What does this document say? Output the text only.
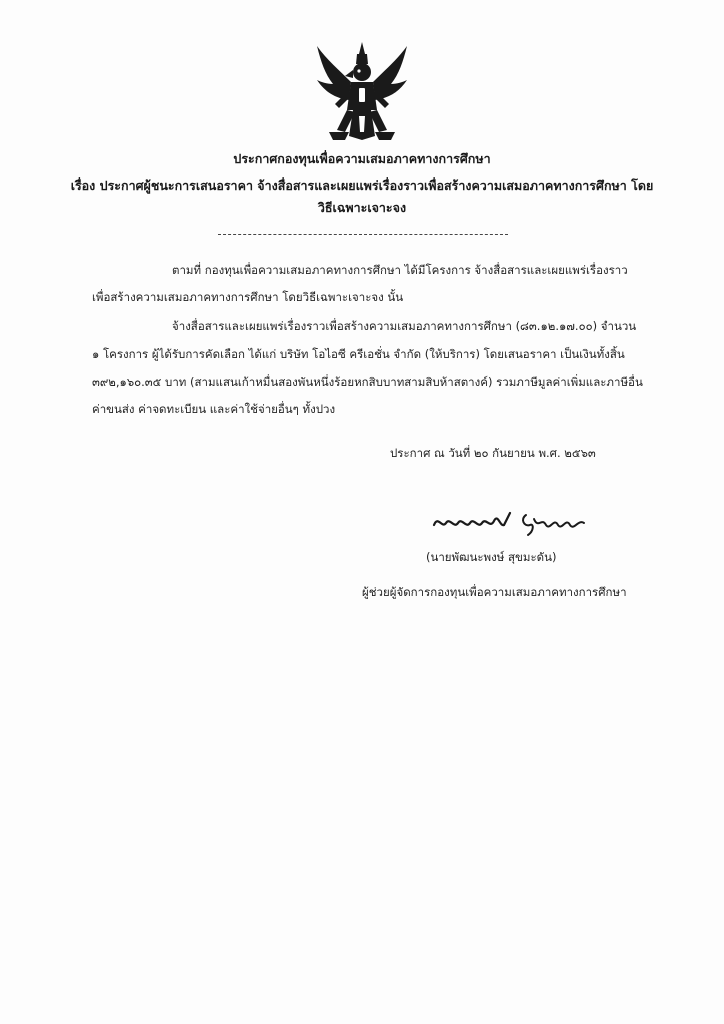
ประกาศกองทุนเพื่อความเสมอภาคทางการศึกษา
เรื่อง ประกาศผู้ชนะการเสนอราคา จ้างสื่อสารและเผยแพร่เรื่องราวเพื่อสร้างความเสมอภาคทางการศึกษา โดย
วิธีเฉพาะเจาะจง
ตามที่ กองทุนเพื่อความเสมอภาคทางการศึกษา ได้มีโครงการ จ้างสื่อสารและเผยแพร่เรื่องราว
เพื่อสร้างความเสมอภาคทางการศึกษา โดยวิธีเฉพาะเจาะจง นั้น
จ้างสื่อสารและเผยแพร่เรื่องราวเพื่อสร้างความเสมอภาคทางการศึกษา (๘๓.๑๒.๑๗.๐๐) จำนวน
๑ โครงการ ผู้ได้รับการคัดเลือก ได้แก่ บริษัท โอไอซี ครีเอชั่น จำกัด (ให้บริการ) โดยเสนอราคา เป็นเงินทั้งสิ้น
๓๙๒,๑๖๐.๓๕ บาท (สามแสนเก้าหมื่นสองพันหนึ่งร้อยหกสิบบาทสามสิบห้าสตางค์) รวมภาษีมูลค่าเพิ่มและภาษีอื่น
ค่าขนส่ง ค่าจดทะเบียน และค่าใช้จ่ายอื่นๆ ทั้งปวง
ประกาศ ณ วันที่ ๒๐ กันยายน พ.ศ. ๒๕๖๓
(นายพัฒนะพงษ์ สุขมะดัน)
ผู้ช่วยผู้จัดการกองทุนเพื่อความเสมอภาคทางการศึกษา
